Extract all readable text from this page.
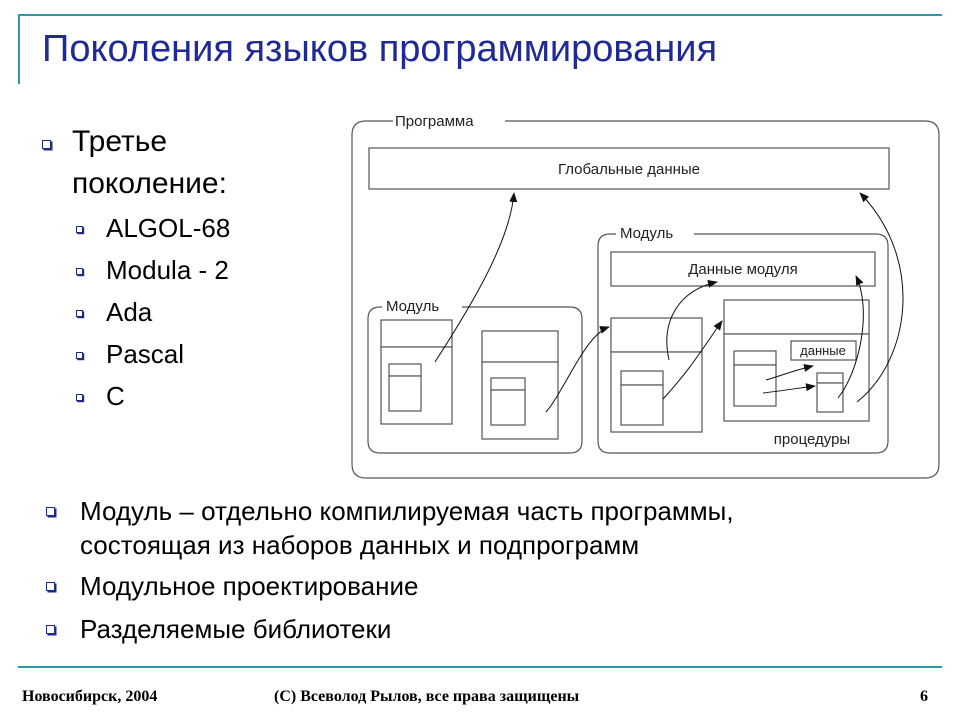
Поколения языков программирования
Третье
поколение:
ALGOL-68
Modula - 2
Ada
Pascal
C
Программа
Глобальные данные
Модуль
Модуль
Данные модуля
данные
процедуры
Модуль – отдельно компилируемая часть программы,
состоящая из наборов данных и подпрограмм
Модульное проектирование
Разделяемые библиотеки
Новосибирск, 2004	(C) Всеволод Рылов, все права защищены	6
